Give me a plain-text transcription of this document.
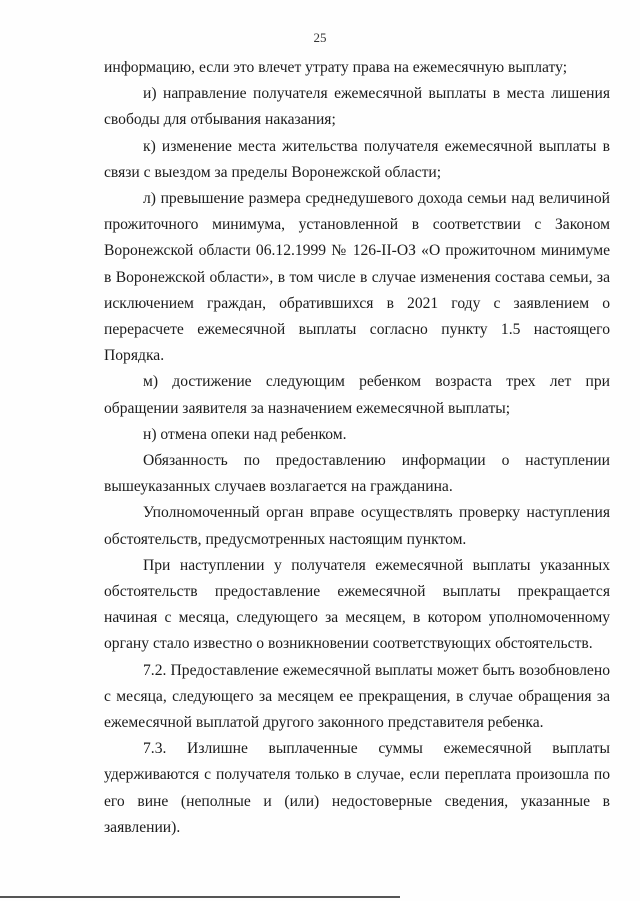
25

информацию, если это влечет утрату права на ежемесячную выплату;

и) направление получателя ежемесячной выплаты в места лишения свободы для отбывания наказания;

к) изменение места жительства получателя ежемесячной выплаты в связи с выездом за пределы Воронежской области;

л) превышение размера среднедушевого дохода семьи над величиной прожиточного минимума, установленной в соответствии с Законом Воронежской области 06.12.1999 № 126-II-ОЗ «О прожиточном минимуме в Воронежской области», в том числе в случае изменения состава семьи, за исключением граждан, обратившихся в 2021 году с заявлением о перерасчете ежемесячной выплаты согласно пункту 1.5 настоящего Порядка.

м) достижение следующим ребенком возраста трех лет при обращении заявителя за назначением ежемесячной выплаты;

н) отмена опеки над ребенком.

Обязанность по предоставлению информации о наступлении вышеуказанных случаев возлагается на гражданина.

Уполномоченный орган вправе осуществлять проверку наступления обстоятельств, предусмотренных настоящим пунктом.

При наступлении у получателя ежемесячной выплаты указанных обстоятельств предоставление ежемесячной выплаты прекращается начиная с месяца, следующего за месяцем, в котором уполномоченному органу стало известно о возникновении соответствующих обстоятельств.

7.2. Предоставление ежемесячной выплаты может быть возобновлено с месяца, следующего за месяцем ее прекращения, в случае обращения за ежемесячной выплатой другого законного представителя ребенка.

7.3. Излишне выплаченные суммы ежемесячной выплаты удерживаются с получателя только в случае, если переплата произошла по его вине (неполные и (или) недостоверные сведения, указанные в заявлении).
